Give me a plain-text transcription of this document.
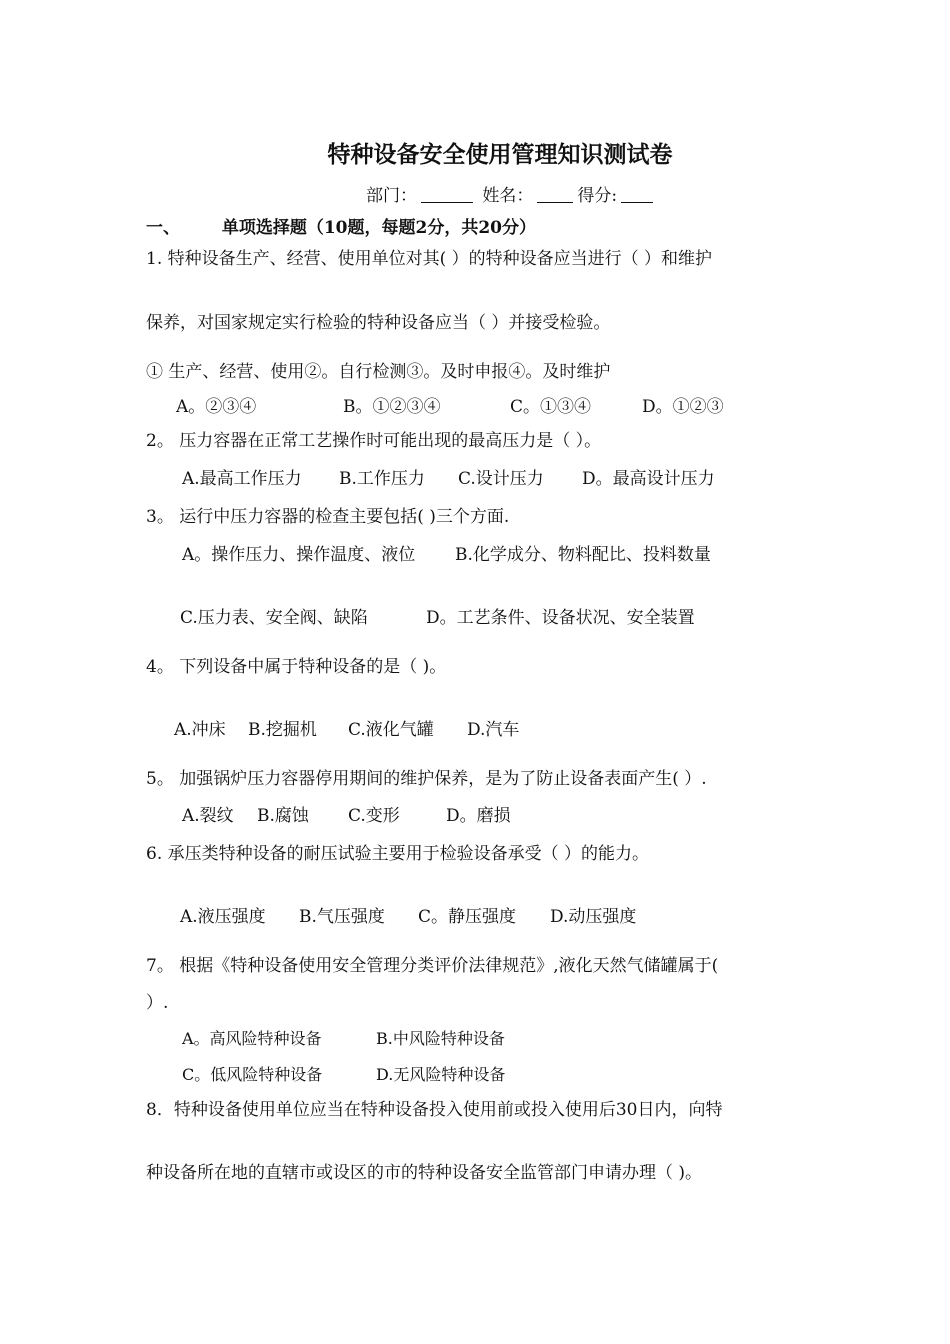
特种设备安全使用管理知识测试卷
部门：	姓名：	得分:
一、 单项选择题（10题，每题2分，共20分）
1. 特种设备生产、经营、使用单位对其( ）的特种设备应当进行（ ）和维护
保养，对国家规定实行检验的特种设备应当（ ）并接受检验。
① 生产、经营、使用②。自行检测③。及时申报④。及时维护
A。②③④	B。①②③④	C。①③④	D。①②③
2。 压力容器在正常工艺操作时可能出现的最高压力是（ ）。
A.最高工作压力 B.工作压力 C.设计压力 D。最高设计压力
3。 运行中压力容器的检查主要包括( )三个方面.
A。操作压力、操作温度、液位 B.化学成分、物料配比、投料数量
C.压力表、安全阀、缺陷	D。工艺条件、设备状况、安全装置
4。 下列设备中属于特种设备的是（ )。
A.冲床 B.挖掘机 C.液化气罐 D.汽车
5。 加强锅炉压力容器停用期间的维护保养，是为了防止设备表面产生( ）.
A.裂纹 B.腐蚀 C.变形	D。磨损
6. 承压类特种设备的耐压试验主要用于检验设备承受（ ）的能力。
A.液压强度 B.气压强度 C。静压强度 D.动压强度
7。 根据《特种设备使用安全管理分类评价法律规范》,液化天然气储罐属于(
）.
A。高风险特种设备	B.中风险特种设备
C。低风险特种设备	D.无风险特种设备
8．特种设备使用单位应当在特种设备投入使用前或投入使用后30日内，向特
种设备所在地的直辖市或设区的市的特种设备安全监管部门申请办理（ )。
